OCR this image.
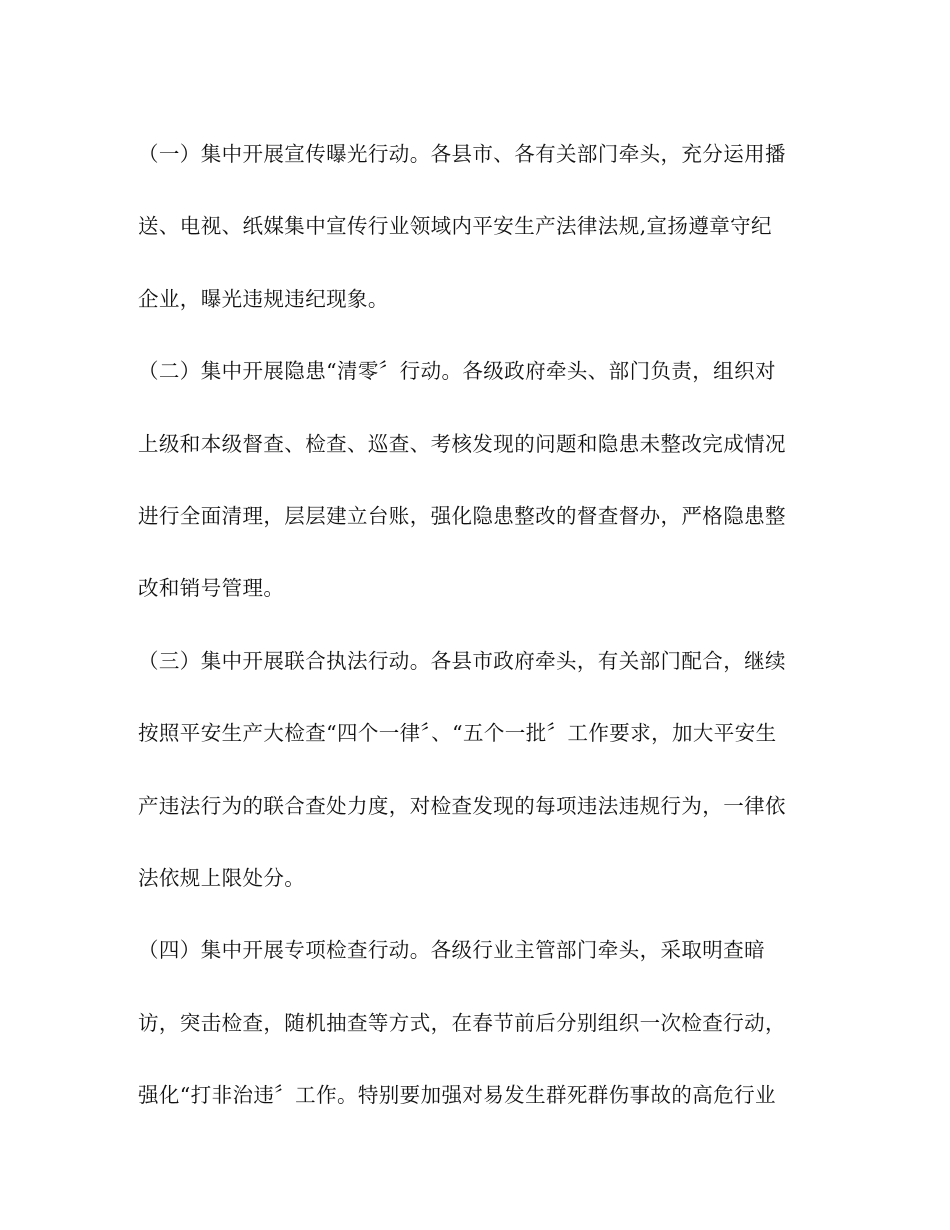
（一）集中开展宣传曝光行动。各县市、各有关部门牵头，充分运用播
送、电视、纸媒集中宣传行业领域内平安生产法律法规,宣扬遵章守纪
企业，曝光违规违纪现象。
（二）集中开展隐患“清零〞行动。各级政府牵头、部门负责，组织对
上级和本级督查、检查、巡查、考核发现的问题和隐患未整改完成情况
进行全面清理，层层建立台账，强化隐患整改的督查督办，严格隐患整
改和销号管理。
（三）集中开展联合执法行动。各县市政府牵头，有关部门配合，继续
按照平安生产大检查“四个一律〞、“五个一批〞工作要求，加大平安生
产违法行为的联合查处力度，对检查发现的每项违法违规行为，一律依
法依规上限处分。
（四）集中开展专项检查行动。各级行业主管部门牵头，采取明查暗
访，突击检查，随机抽查等方式，在春节前后分别组织一次检查行动，
强化“打非治违〞工作。特别要加强对易发生群死群伤事故的高危行业
